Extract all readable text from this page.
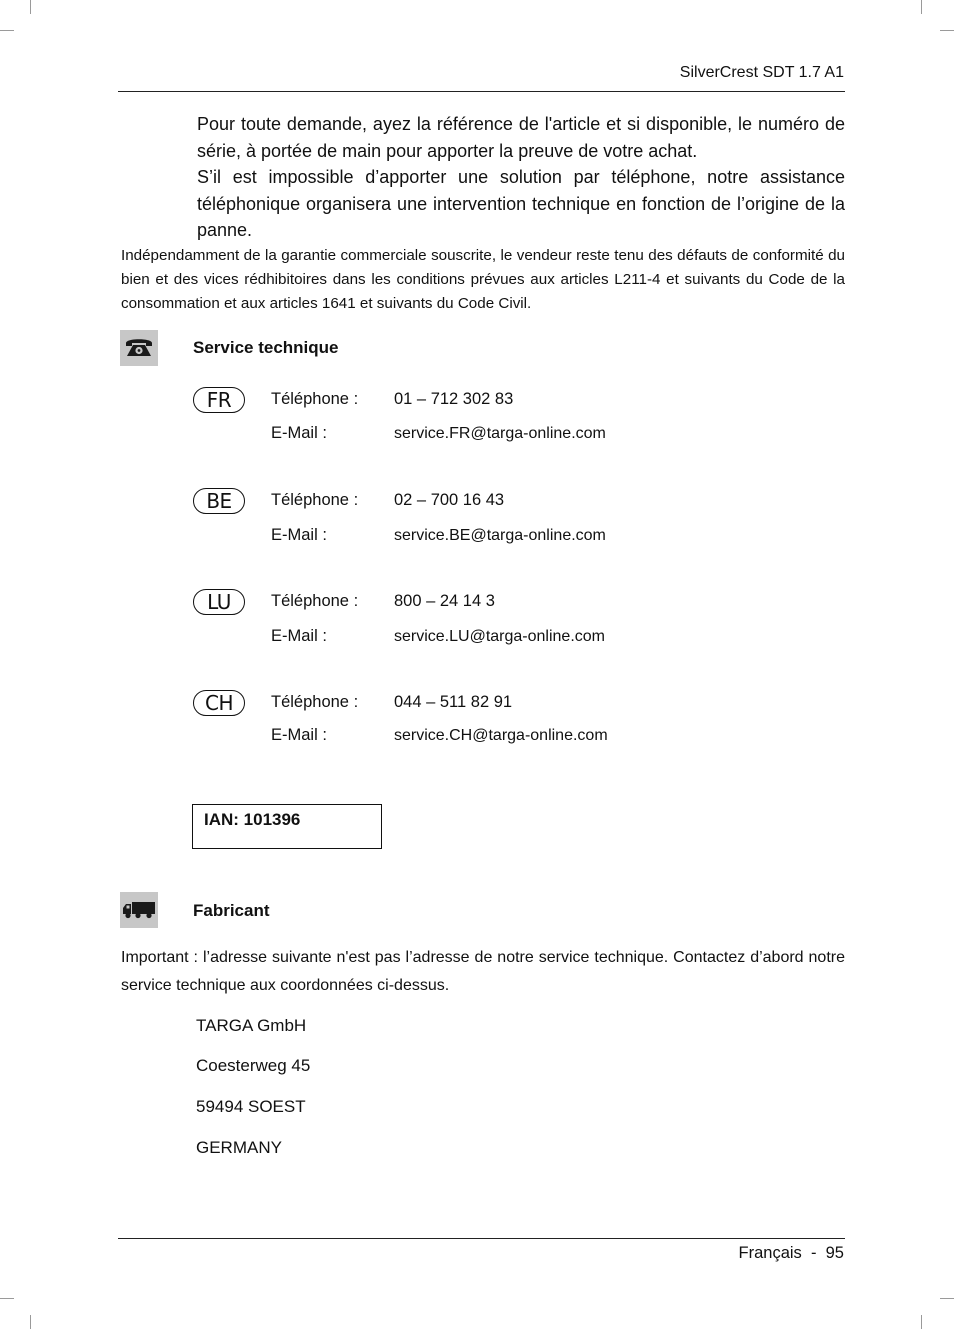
SilverCrest SDT 1.7 A1

Pour toute demande, ayez la référence de l'article et si disponible, le numéro de série, à portée de main pour apporter la preuve de votre achat.

S’il est impossible d’apporter une solution par téléphone, notre assistance téléphonique organisera une intervention technique en fonction de l’origine de la panne.

Indépendamment de la garantie commerciale souscrite, le vendeur reste tenu des défauts de conformité du bien et des vices rédhibitoires dans les conditions prévues aux articles L211-4 et suivants du Code de la consommation et aux articles 1641 et suivants du Code Civil.

Service technique
FR	Téléphone : 01 – 712 302 83
E-Mail :	service.FR@targa-online.com
BE	Téléphone : 02 – 700 16 43
E-Mail :	service.BE@targa-online.com
LU	Téléphone : 800 – 24 14 3
E-Mail :	service.LU@targa-online.com
CH	Téléphone : 044 – 511 82 91
E-Mail :	service.CH@targa-online.com
IAN: 101396
Fabricant

Important : l’adresse suivante n'est pas l’adresse de notre service technique. Contactez d’abord notre service technique aux coordonnées ci-dessus.

TARGA GmbH
Coesterweg 45
59494 SOEST
GERMANY
Français  -  95
